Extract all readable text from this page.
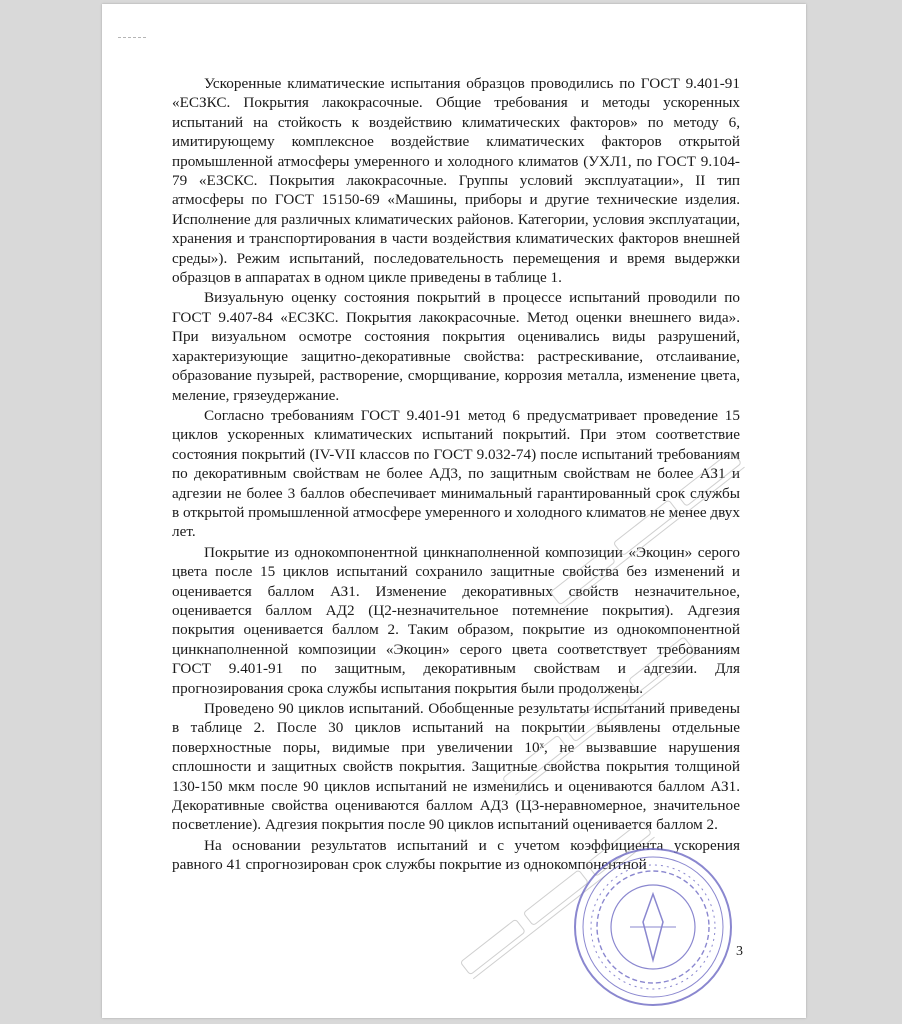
Ускоренные климатические испытания образцов проводились по ГОСТ 9.401-91 «ЕСЗКС. Покрытия лакокрасочные. Общие требования и методы ускоренных испытаний на стойкость к воздействию климатических факторов» по методу 6, имитирующему комплексное воздействие климатических факторов открытой промышленной атмосферы умеренного и холодного климатов (УХЛ1, по ГОСТ 9.104-79 «ЕЗСКС. Покрытия лакокрасочные. Группы условий эксплуатации», II тип атмосферы по ГОСТ 15150-69 «Машины, приборы и другие технические изделия. Исполнение для различных климатических районов. Категории, условия эксплуатации, хранения и транспортирования в части воздействия климатических факторов внешней среды»). Режим испытаний, последовательность перемещения и время выдержки образцов в аппаратах в одном цикле приведены в таблице 1.

Визуальную оценку состояния покрытий в процессе испытаний проводили по ГОСТ 9.407-84 «ЕСЗКС. Покрытия лакокрасочные. Метод оценки внешнего вида». При визуальном осмотре состояния покрытия оценивались виды разрушений, характеризующие защитно-декоративные свойства: растрескивание, отслаивание, образование пузырей, растворение, сморщивание, коррозия металла, изменение цвета, меление, грязеудержание.

Согласно требованиям ГОСТ 9.401-91 метод 6 предусматривает проведение 15 циклов ускоренных климатических испытаний покрытий. При этом соответствие состояния покрытий (IV-VII классов по ГОСТ 9.032-74) после испытаний требованиям по декоративным свойствам не более АД3, по защитным свойствам не более АЗ1 и адгезии не более 3 баллов обеспечивает минимальный гарантированный срок службы в открытой промышленной атмосфере умеренного и холодного климатов не менее двух лет.

Покрытие из однокомпонентной цинкнаполненной композиции «Экоцин» серого цвета после 15 циклов испытаний сохранило защитные свойства без изменений и оценивается баллом АЗ1. Изменение декоративных свойств незначительное, оценивается баллом АД2 (Ц2-незначительное потемнение покрытия). Адгезия покрытия оценивается баллом 2. Таким образом, покрытие из однокомпонентной цинкнаполненной композиции «Экоцин» серого цвета соответствует требованиям ГОСТ 9.401-91 по защитным, декоративным свойствам и адгезии. Для прогнозирования срока службы испытания покрытия были продолжены.

Проведено 90 циклов испытаний. Обобщенные результаты испытаний приведены в таблице 2. После 30 циклов испытаний на покрытии выявлены отдельные поверхностные поры, видимые при увеличении 10ˣ, не вызвавшие нарушения сплошности и защитных свойств покрытия. Защитные свойства покрытия толщиной 130-150 мкм после 90 циклов испытаний не изменились и оцениваются баллом АЗ1. Декоративные свойства оцениваются баллом АД3 (Ц3-неравномерное, значительное посветление). Адгезия покрытия после 90 циклов испытаний оценивается баллом 2.

На основании результатов испытаний и с учетом коэффициента ускорения равного 41 спрогнозирован срок службы покрытие из однокомпонентной

3
